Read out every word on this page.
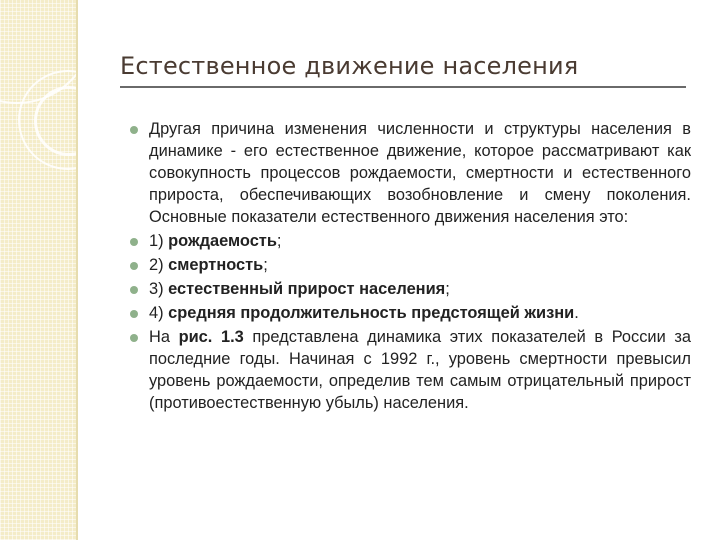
Естественное движение населения
Другая причина изменения численности и структуры населения в динамике - его естественное движение, которое рассматривают как совокупность процессов рождаемости, смертности и естественного прироста, обеспечивающих возобновление и смену поколения. Основные показатели естественного движения населения это:
1) рождаемость;
2) смертность;
3) естественный прирост населения;
4) средняя продолжительность предстоящей жизни.
На рис. 1.3 представлена динамика этих показателей в России за последние годы. Начиная с 1992 г., уровень смертности превысил уровень рождаемости, определив тем самым отрицательный прирост (противоестественную убыль) населения.
